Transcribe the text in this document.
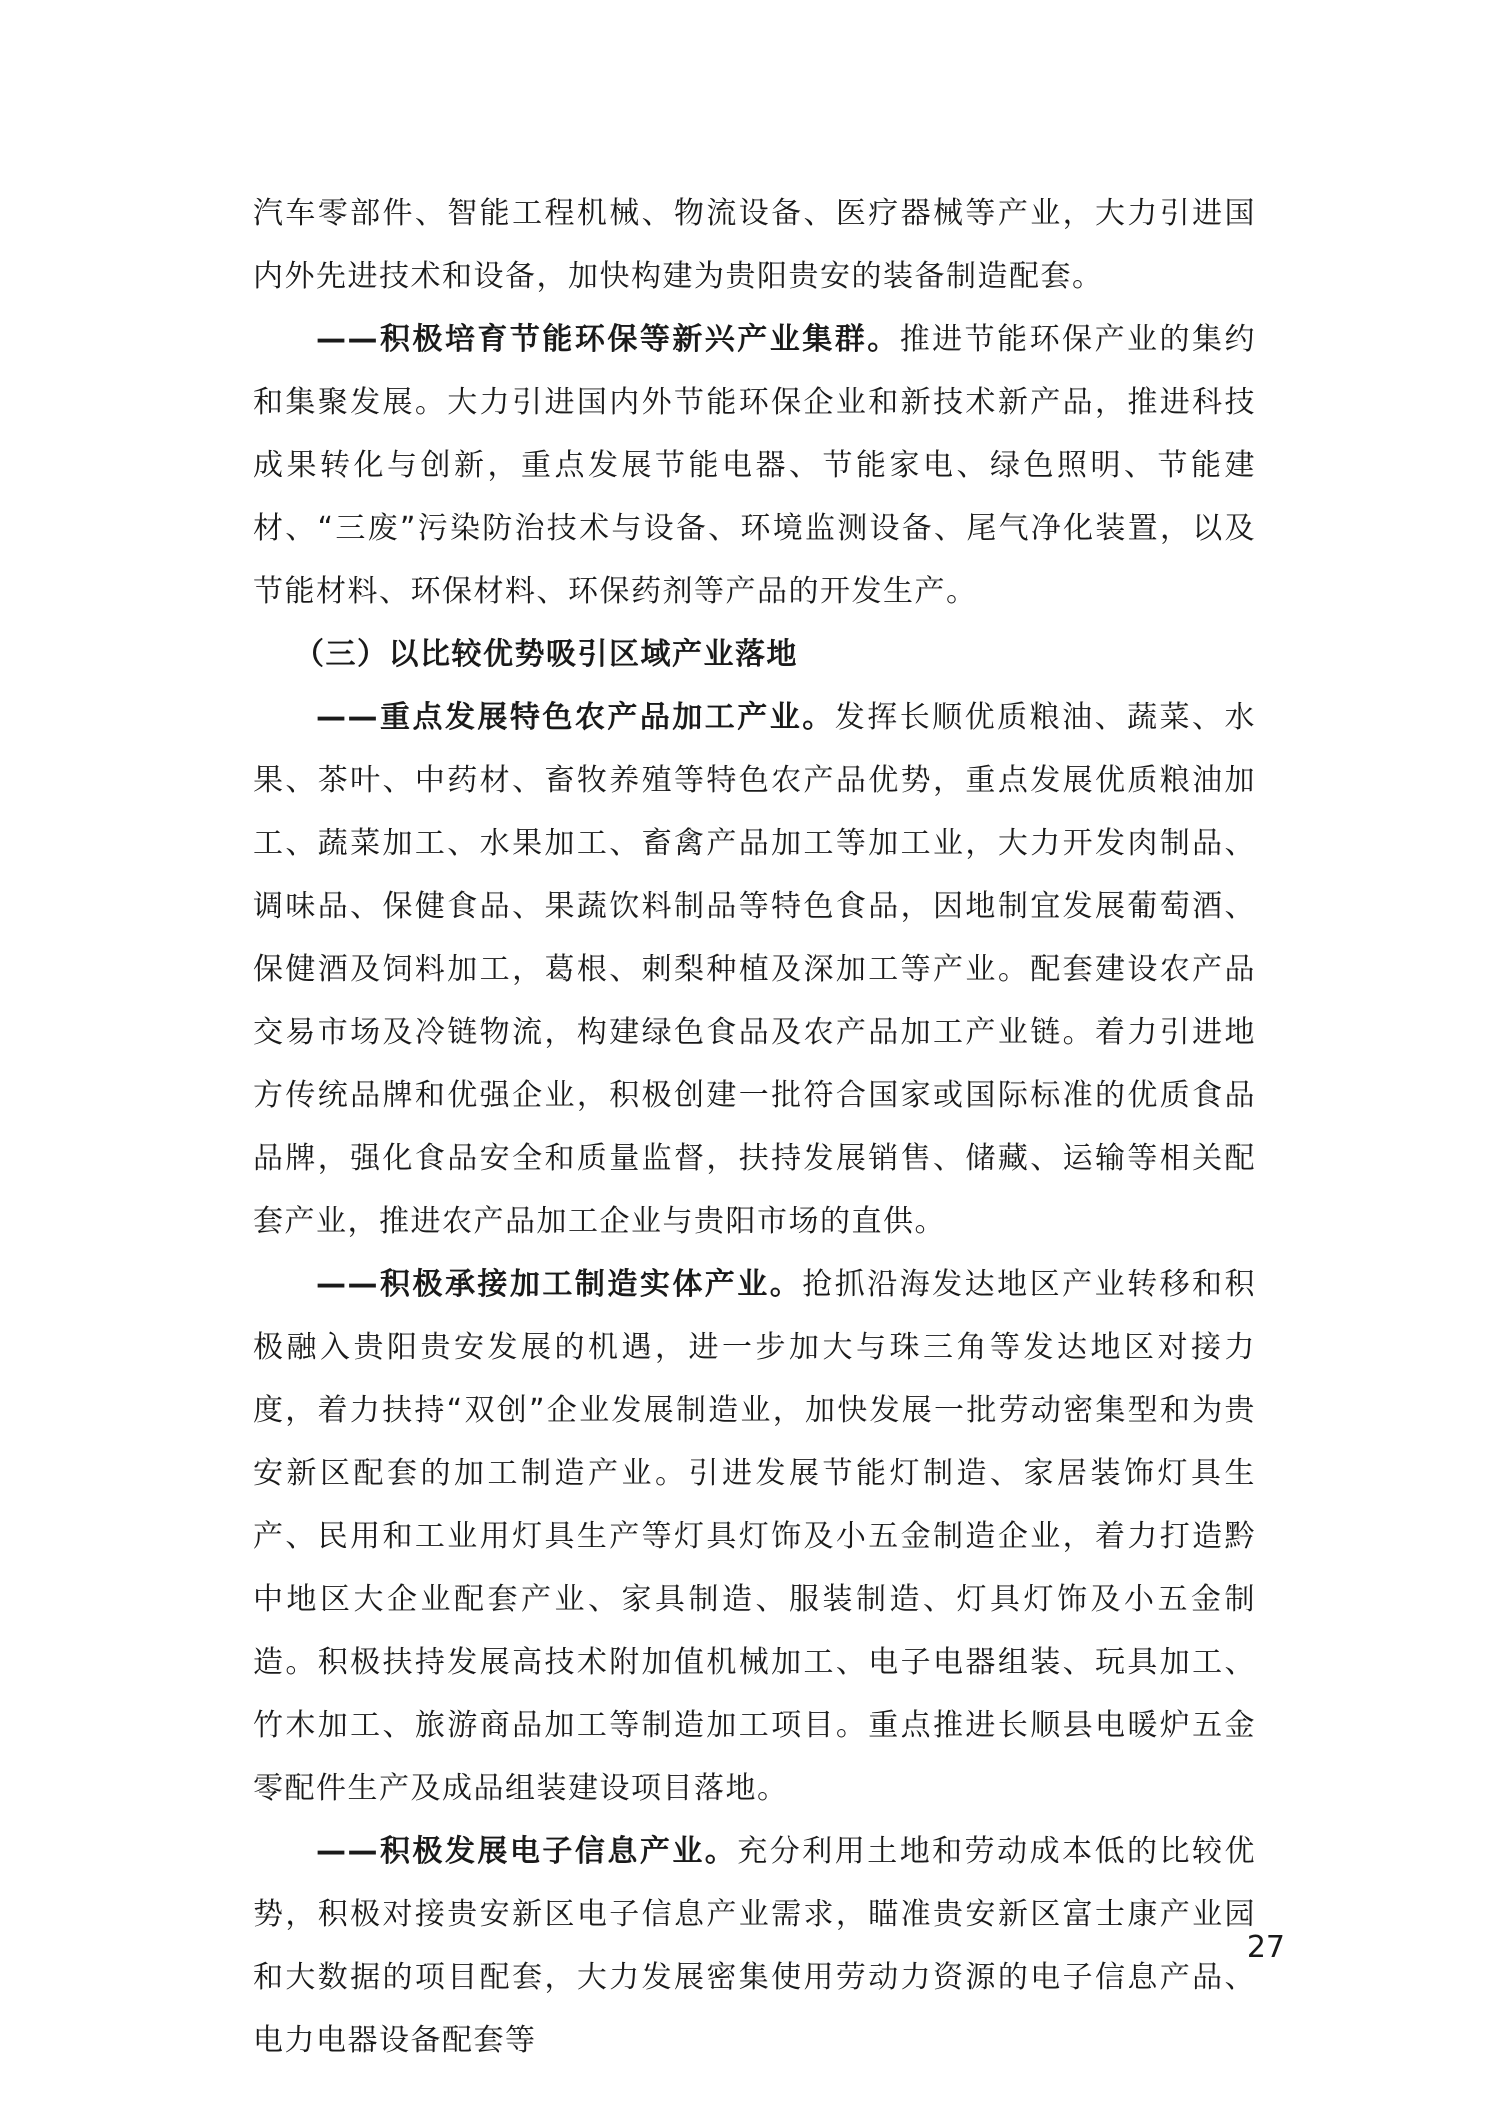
汽车零部件、智能工程机械、物流设备、医疗器械等产业，大力引进国内外先进技术和设备，加快构建为贵阳贵安的装备制造配套。

——积极培育节能环保等新兴产业集群。推进节能环保产业的集约和集聚发展。大力引进国内外节能环保企业和新技术新产品，推进科技成果转化与创新，重点发展节能电器、节能家电、绿色照明、节能建材、“三废”污染防治技术与设备、环境监测设备、尾气净化装置，以及节能材料、环保材料、环保药剂等产品的开发生产。

（三）以比较优势吸引区域产业落地

——重点发展特色农产品加工产业。发挥长顺优质粮油、蔬菜、水果、茶叶、中药材、畜牧养殖等特色农产品优势，重点发展优质粮油加工、蔬菜加工、水果加工、畜禽产品加工等加工业，大力开发肉制品、调味品、保健食品、果蔬饮料制品等特色食品，因地制宜发展葡萄酒、保健酒及饲料加工，葛根、刺梨种植及深加工等产业。配套建设农产品交易市场及冷链物流，构建绿色食品及农产品加工产业链。着力引进地方传统品牌和优强企业，积极创建一批符合国家或国际标准的优质食品品牌，强化食品安全和质量监督，扶持发展销售、储藏、运输等相关配套产业，推进农产品加工企业与贵阳市场的直供。

——积极承接加工制造实体产业。抢抓沿海发达地区产业转移和积极融入贵阳贵安发展的机遇，进一步加大与珠三角等发达地区对接力度，着力扶持“双创”企业发展制造业，加快发展一批劳动密集型和为贵安新区配套的加工制造产业。引进发展节能灯制造、家居装饰灯具生产、民用和工业用灯具生产等灯具灯饰及小五金制造企业，着力打造黔中地区大企业配套产业、家具制造、服装制造、灯具灯饰及小五金制造。积极扶持发展高技术附加值机械加工、电子电器组装、玩具加工、竹木加工、旅游商品加工等制造加工项目。重点推进长顺县电暖炉五金零配件生产及成品组装建设项目落地。

——积极发展电子信息产业。充分利用土地和劳动成本低的比较优势，积极对接贵安新区电子信息产业需求，瞄准贵安新区富士康产业园和大数据的项目配套，大力发展密集使用劳动力资源的电子信息产品、电力电器设备配套等

27
